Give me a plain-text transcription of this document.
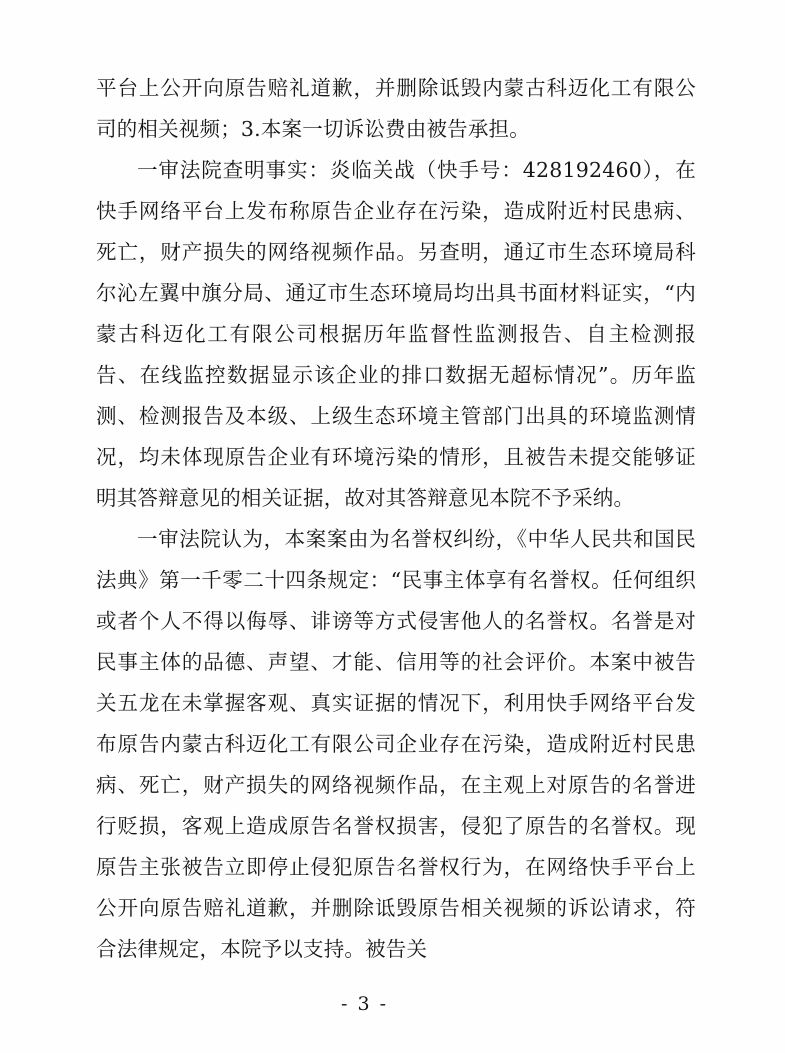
平台上公开向原告赔礼道歉，并删除诋毁内蒙古科迈化工有限公司的相关视频；3.本案一切诉讼费由被告承担。

一审法院查明事实：炎临关战（快手号：428192460），在快手网络平台上发布称原告企业存在污染，造成附近村民患病、死亡，财产损失的网络视频作品。另查明，通辽市生态环境局科尔沁左翼中旗分局、通辽市生态环境局均出具书面材料证实，“内蒙古科迈化工有限公司根据历年监督性监测报告、自主检测报告、在线监控数据显示该企业的排口数据无超标情况”。历年监测、检测报告及本级、上级生态环境主管部门出具的环境监测情况，均未体现原告企业有环境污染的情形，且被告未提交能够证明其答辩意见的相关证据，故对其答辩意见本院不予采纳。

一审法院认为，本案案由为名誉权纠纷，《中华人民共和国民法典》第一千零二十四条规定：“民事主体享有名誉权。任何组织或者个人不得以侮辱、诽谤等方式侵害他人的名誉权。名誉是对民事主体的品德、声望、才能、信用等的社会评价。本案中被告关五龙在未掌握客观、真实证据的情况下，利用快手网络平台发布原告内蒙古科迈化工有限公司企业存在污染，造成附近村民患病、死亡，财产损失的网络视频作品，在主观上对原告的名誉进行贬损，客观上造成原告名誉权损害，侵犯了原告的名誉权。现原告主张被告立即停止侵犯原告名誉权行为，在网络快手平台上公开向原告赔礼道歉，并删除诋毁原告相关视频的诉讼请求，符合法律规定，本院予以支持。被告关

- 3 -
